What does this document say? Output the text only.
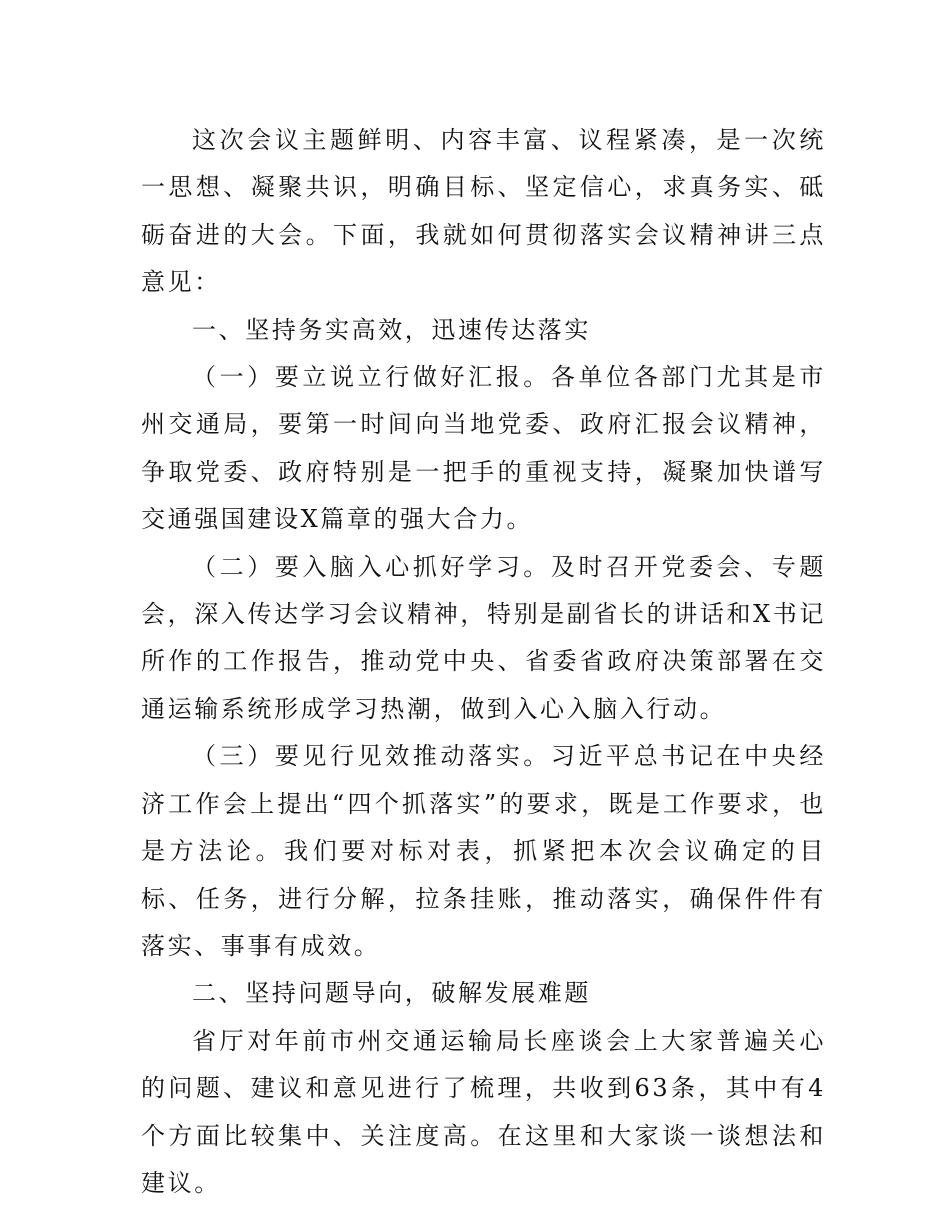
这次会议主题鲜明、内容丰富、议程紧凑，是一次统一思想、凝聚共识，明确目标、坚定信心，求真务实、砥砺奋进的大会。下面，我就如何贯彻落实会议精神讲三点意见：

一、坚持务实高效，迅速传达落实

（一）要立说立行做好汇报。各单位各部门尤其是市州交通局，要第一时间向当地党委、政府汇报会议精神，争取党委、政府特别是一把手的重视支持，凝聚加快谱写交通强国建设X篇章的强大合力。

（二）要入脑入心抓好学习。及时召开党委会、专题会，深入传达学习会议精神，特别是副省长的讲话和X书记所作的工作报告，推动党中央、省委省政府决策部署在交通运输系统形成学习热潮，做到入心入脑入行动。

（三）要见行见效推动落实。习近平总书记在中央经济工作会上提出“四个抓落实”的要求，既是工作要求，也是方法论。我们要对标对表，抓紧把本次会议确定的目标、任务，进行分解，拉条挂账，推动落实，确保件件有落实、事事有成效。

二、坚持问题导向，破解发展难题

省厅对年前市州交通运输局长座谈会上大家普遍关心的问题、建议和意见进行了梳理，共收到63条，其中有4个方面比较集中、关注度高。在这里和大家谈一谈想法和建议。
